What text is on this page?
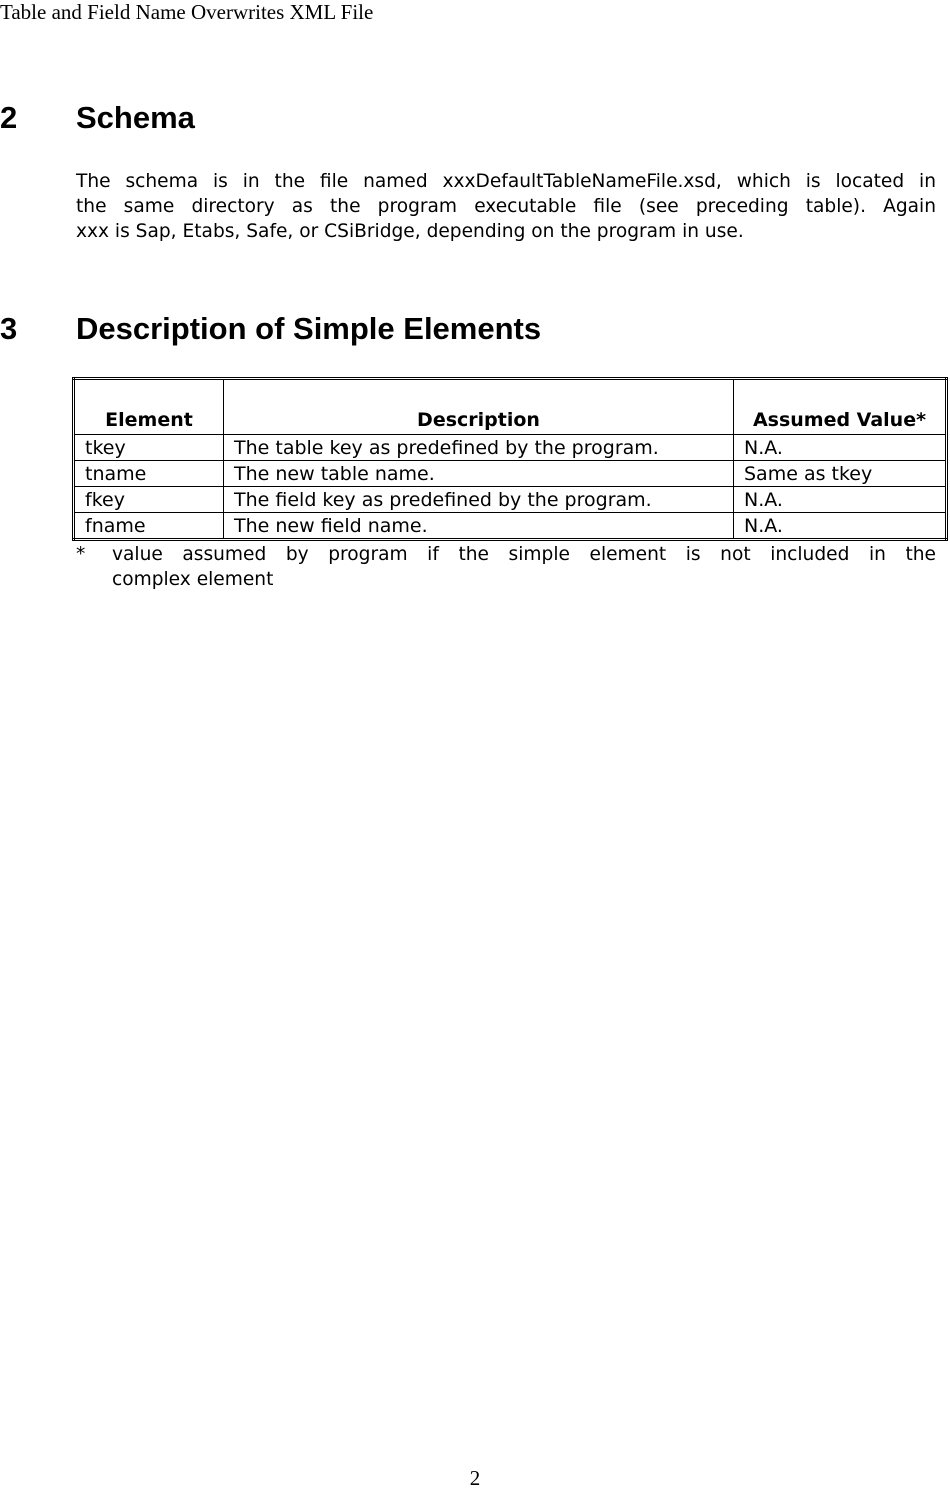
Table and Field Name Overwrites XML File
2 Schema
The schema is in the file named xxxDefaultTableNameFile.xsd, which is located in
the same directory as the program executable file (see preceding table). Again
xxx is Sap, Etabs, Safe, or CSiBridge, depending on the program in use.
3 Description of Simple Elements
Element	Description	Assumed Value*
tkey	The table key as predefined by the program.	N.A.
tname	The new table name.	Same as tkey
fkey	The field key as predefined by the program.	N.A.
fname	The new field name.	N.A.
* value assumed by program if the simple element is not included in the
complex element
2
